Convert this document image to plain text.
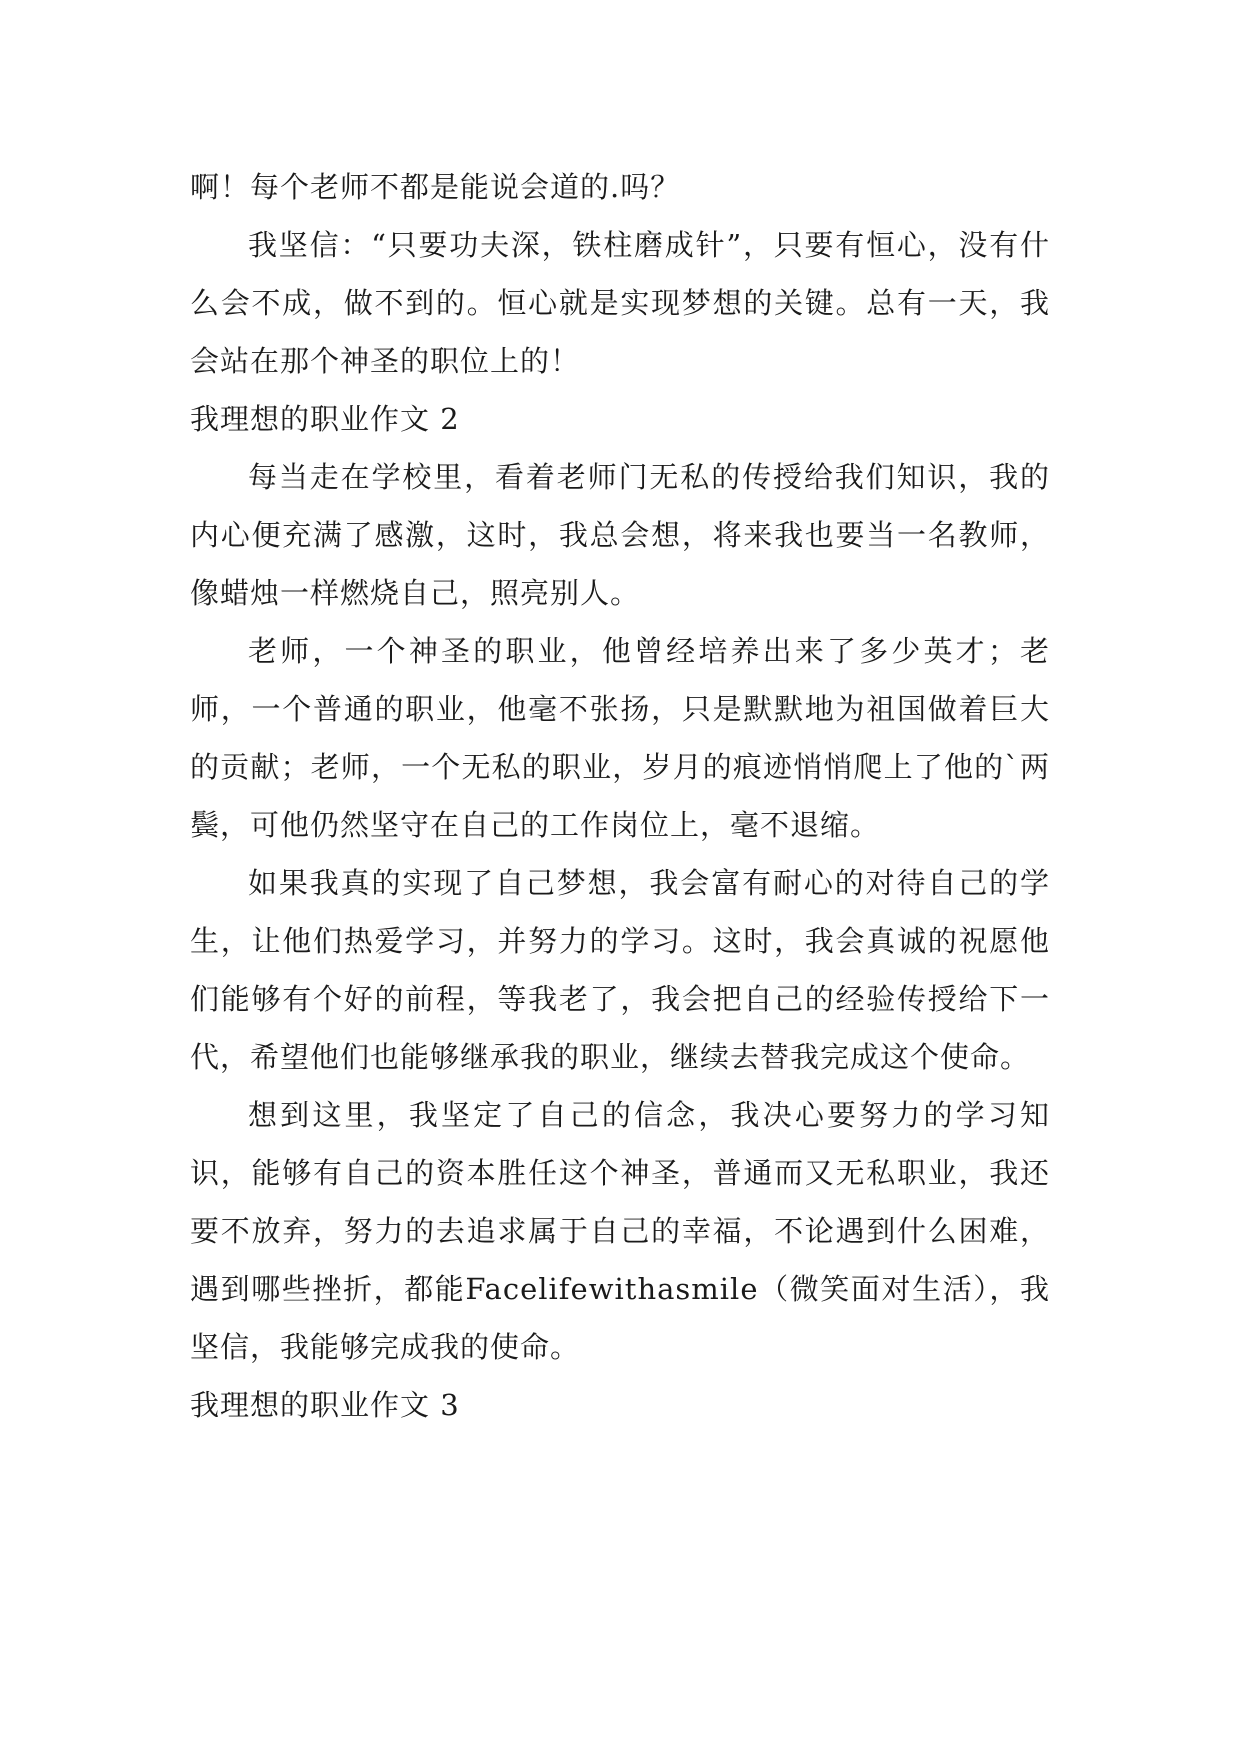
啊！每个老师不都是能说会道的.吗？

我坚信：“只要功夫深，铁柱磨成针”，只要有恒心，没有什么会不成，做不到的。恒心就是实现梦想的关键。总有一天，我会站在那个神圣的职位上的！

我理想的职业作文 2

每当走在学校里，看着老师门无私的传授给我们知识，我的内心便充满了感激，这时，我总会想，将来我也要当一名教师，像蜡烛一样燃烧自己，照亮别人。

老师，一个神圣的职业，他曾经培养出来了多少英才；老师，一个普通的职业，他毫不张扬，只是默默地为祖国做着巨大的贡献；老师，一个无私的职业，岁月的痕迹悄悄爬上了他的`两鬓，可他仍然坚守在自己的工作岗位上，毫不退缩。

如果我真的实现了自己梦想，我会富有耐心的对待自己的学生，让他们热爱学习，并努力的学习。这时，我会真诚的祝愿他们能够有个好的前程，等我老了，我会把自己的经验传授给下一代，希望他们也能够继承我的职业，继续去替我完成这个使命。

想到这里，我坚定了自己的信念，我决心要努力的学习知识，能够有自己的资本胜任这个神圣，普通而又无私职业，我还要不放弃，努力的去追求属于自己的幸福，不论遇到什么困难，遇到哪些挫折，都能Facelifewithasmile（微笑面对生活），我坚信，我能够完成我的使命。

我理想的职业作文 3
